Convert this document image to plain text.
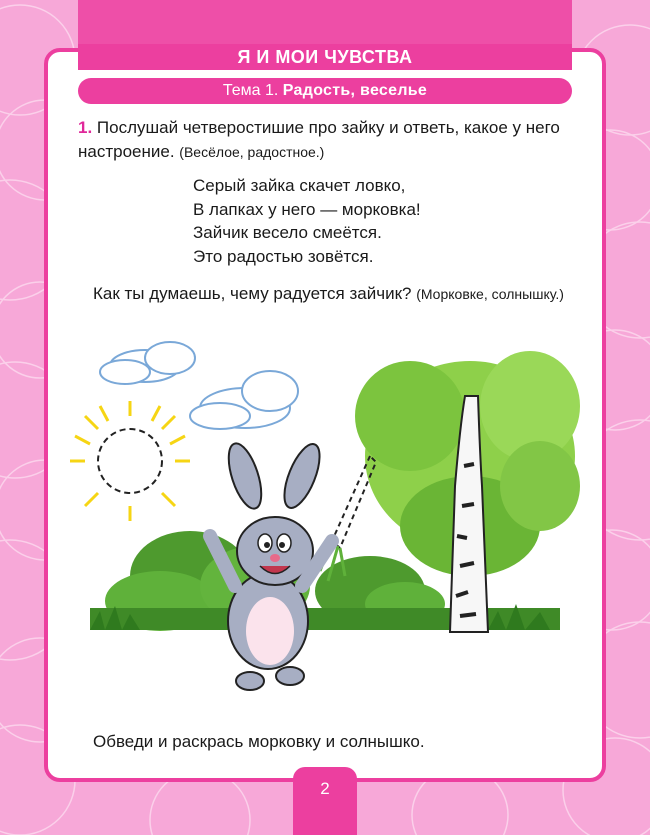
Я И МОИ ЧУВСТВА
Тема 1. Радость, веселье
1. Послушай четверостишие про зайку и ответь, какое у него настроение. (Весёлое, радостное.)
Серый зайка скачет ловко,
В лапках у него — морковка!
Зайчик весело смеётся.
Это радостью зовётся.
Как ты думаешь, чему радуется зайчик? (Морковке, солнышку.)
Обведи и раскрась морковку и солнышко.
2
